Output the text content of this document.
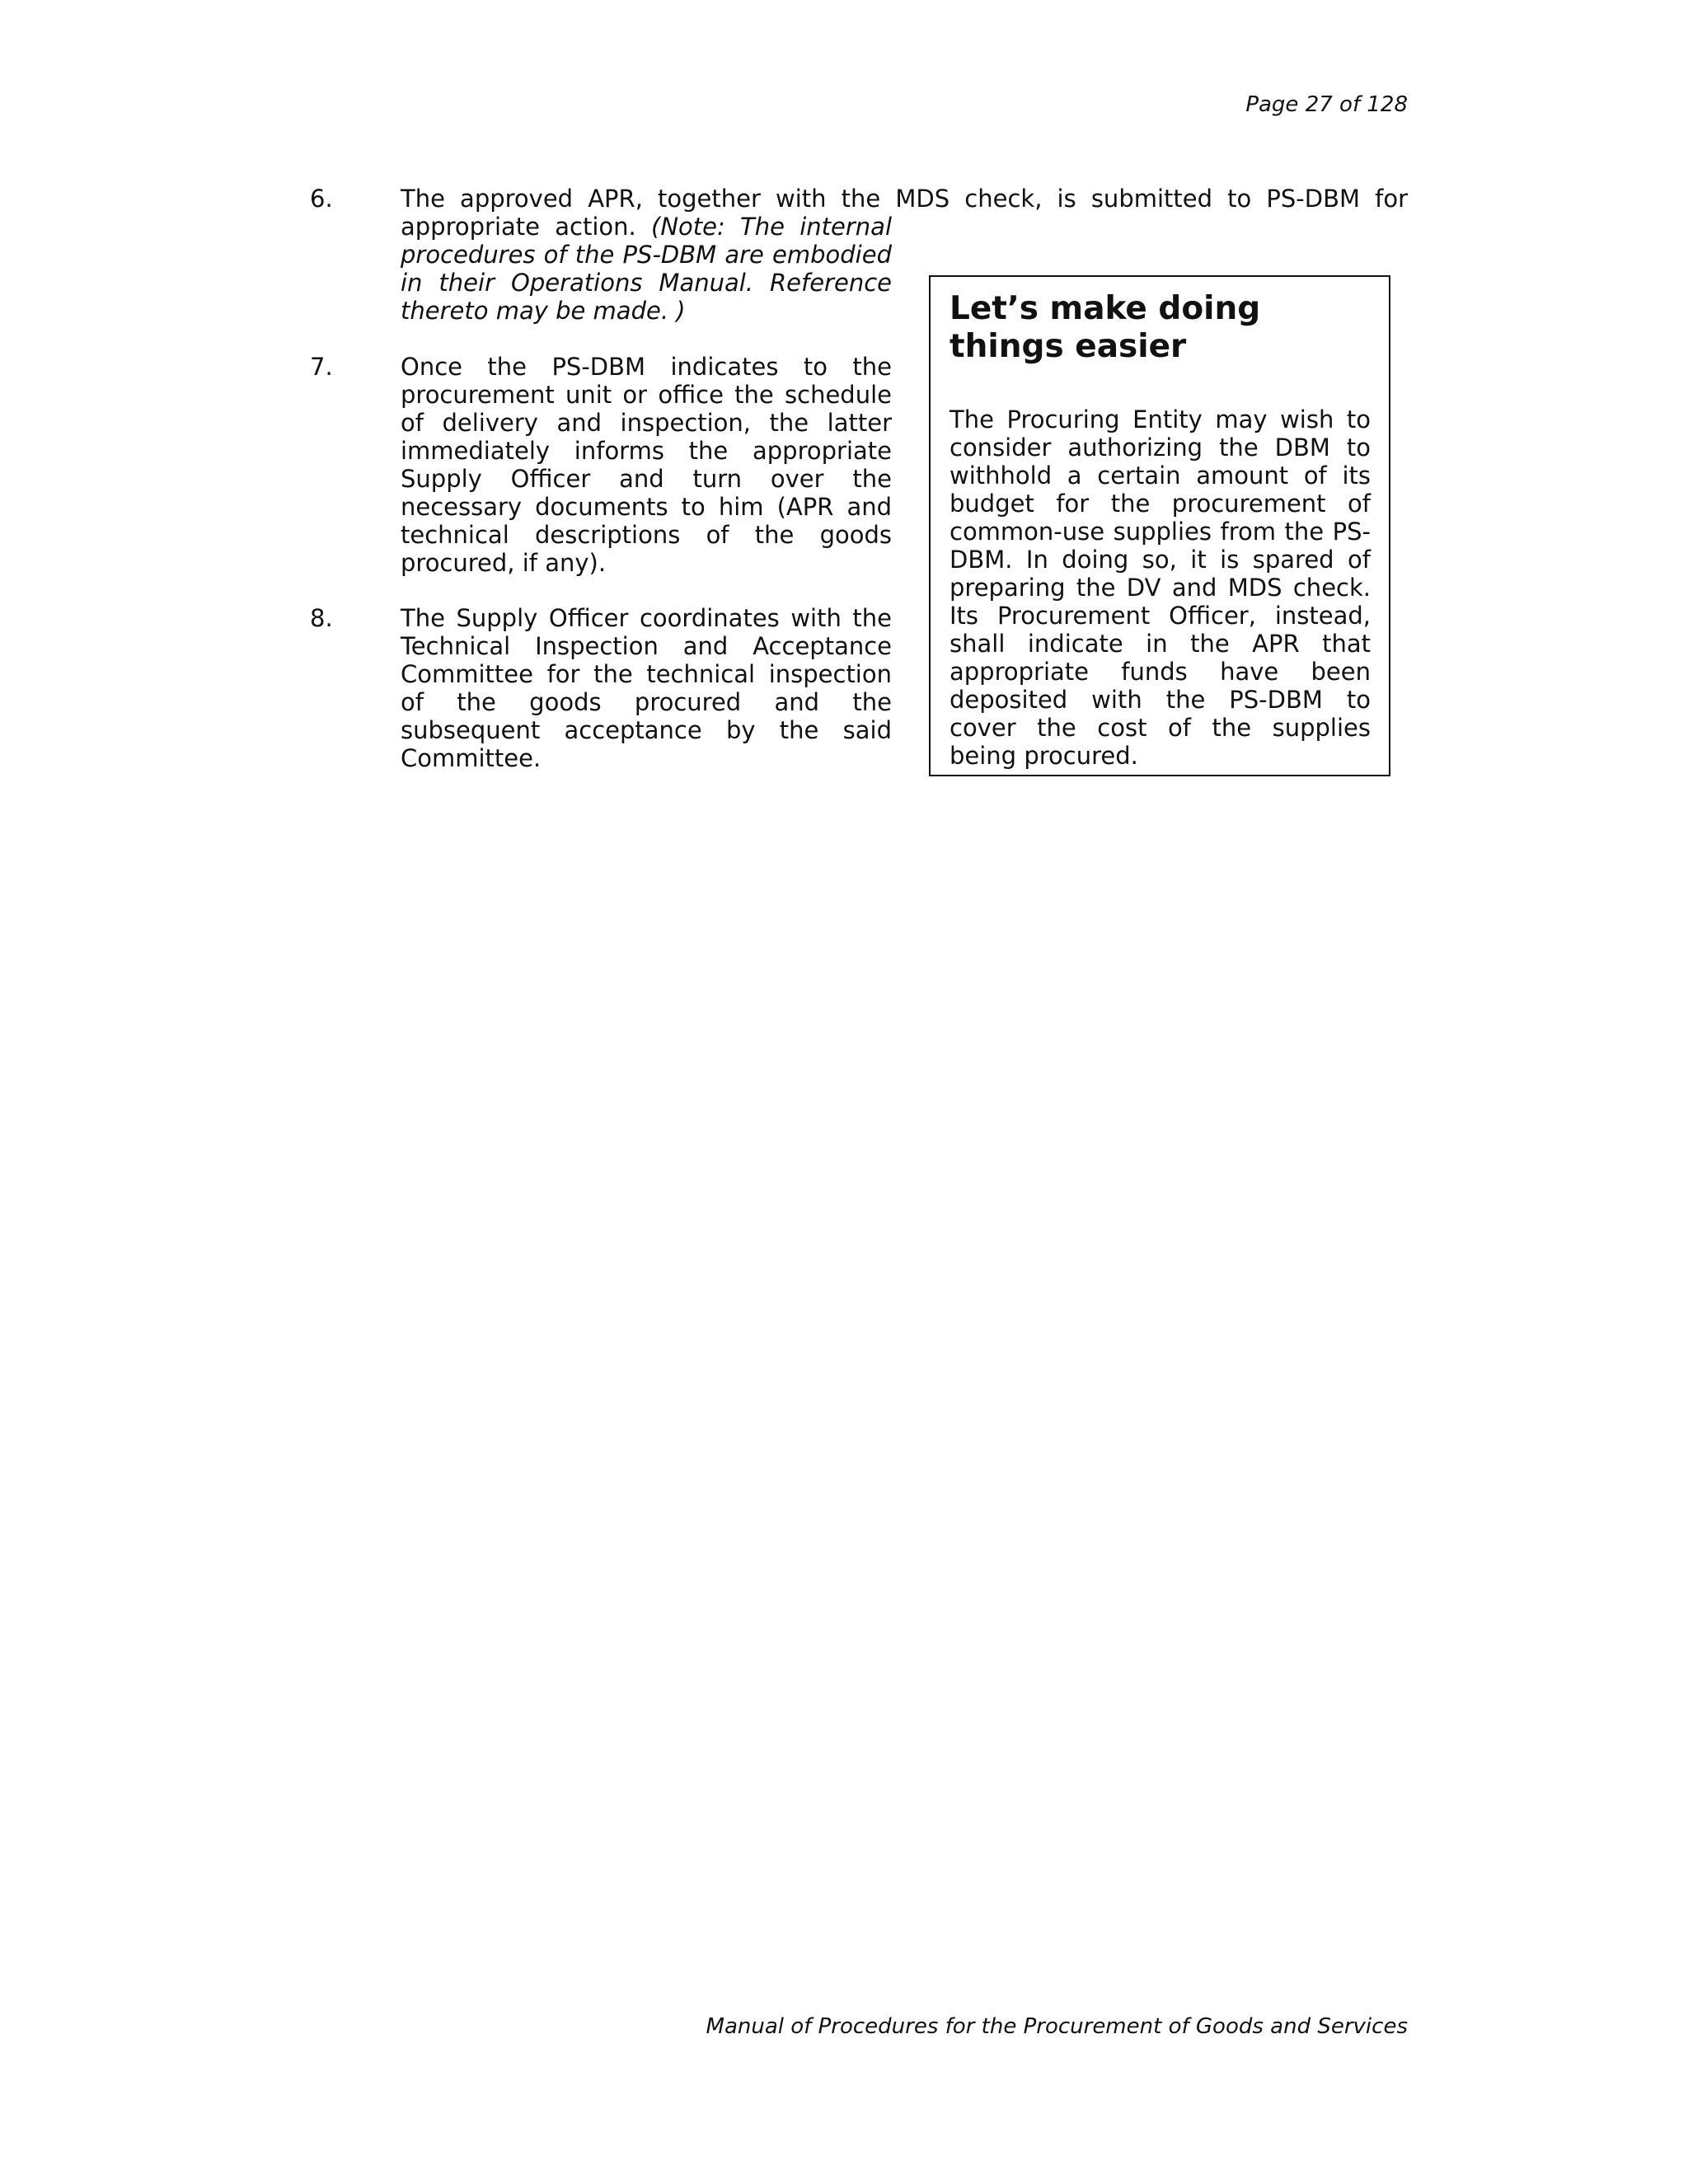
Page 27 of 128
6.	The approved APR, together with the MDS check, is submitted to PS-DBM for
appropriate action. (Note: The internal procedures of the PS-DBM are embodied in their Operations Manual. Reference thereto may be made. )
7.	Once the PS-DBM indicates to the procurement unit or office the schedule of delivery and inspection, the latter immediately informs the appropriate Supply Officer and turn over the necessary documents to him (APR and technical descriptions of the goods procured, if any).
8.	The Supply Officer coordinates with the Technical Inspection and Acceptance Committee for the technical inspection of the goods procured and the subsequent acceptance by the said Committee.

Let’s make doing things easier

The Procuring Entity may wish to consider authorizing the DBM to withhold a certain amount of its budget for the procurement of common-use supplies from the PS-DBM. In doing so, it is spared of preparing the DV and MDS check. Its Procurement Officer, instead, shall indicate in the APR that appropriate funds have been deposited with the PS-DBM to cover the cost of the supplies being procured.

Manual of Procedures for the Procurement of Goods and Services
